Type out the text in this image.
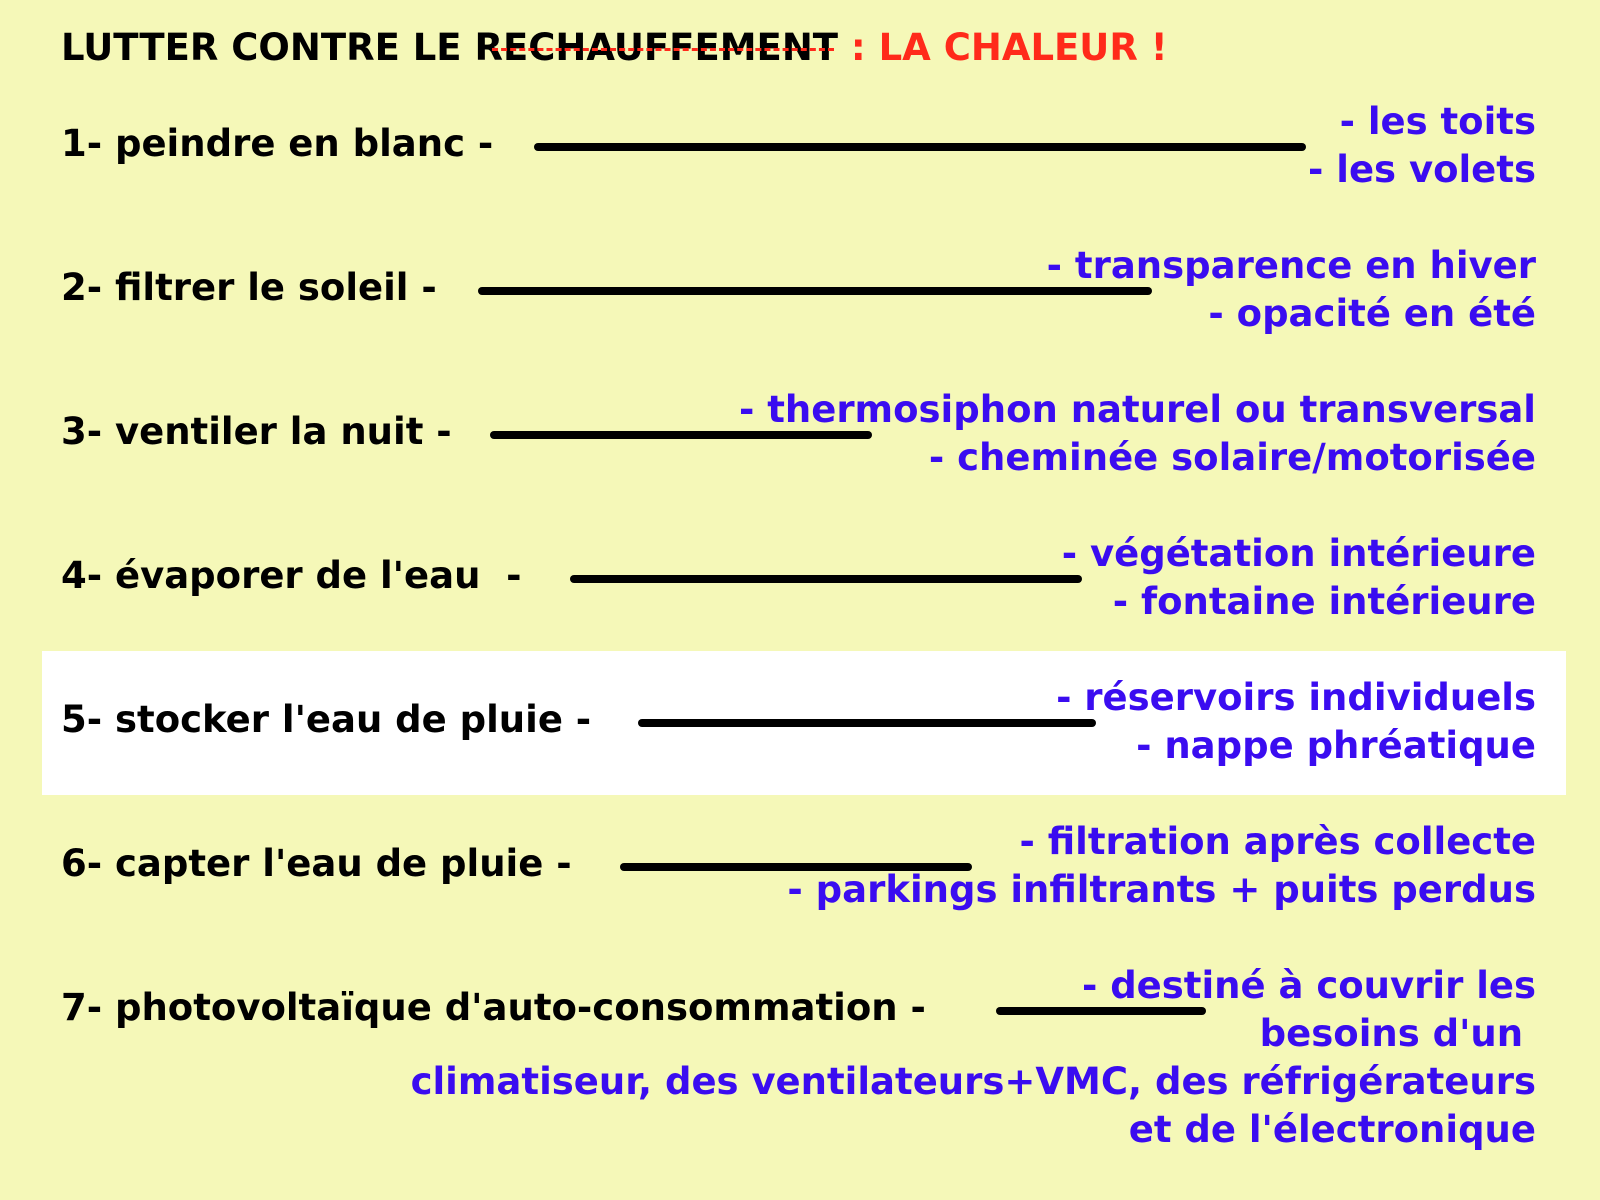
LUTTER CONTRE LE RECHAUFFEMENT : LA CHALEUR !
1- peindre en blanc -
- les toits
- les volets
2- filtrer le soleil -
- transparence en hiver
- opacité en été
3- ventiler la nuit -
- thermosiphon naturel ou transversal
- cheminée solaire/motorisée
4- évaporer de l'eau  -
- végétation intérieure
- fontaine intérieure
5- stocker l'eau de pluie -
- réservoirs individuels
- nappe phréatique
6- capter l'eau de pluie -
- filtration après collecte
- parkings infiltrants + puits perdus
7- photovoltaïque d'auto-consommation -
- destiné à couvrir les
besoins d'un
climatiseur, des ventilateurs+VMC, des réfrigérateurs
et de l'électronique
